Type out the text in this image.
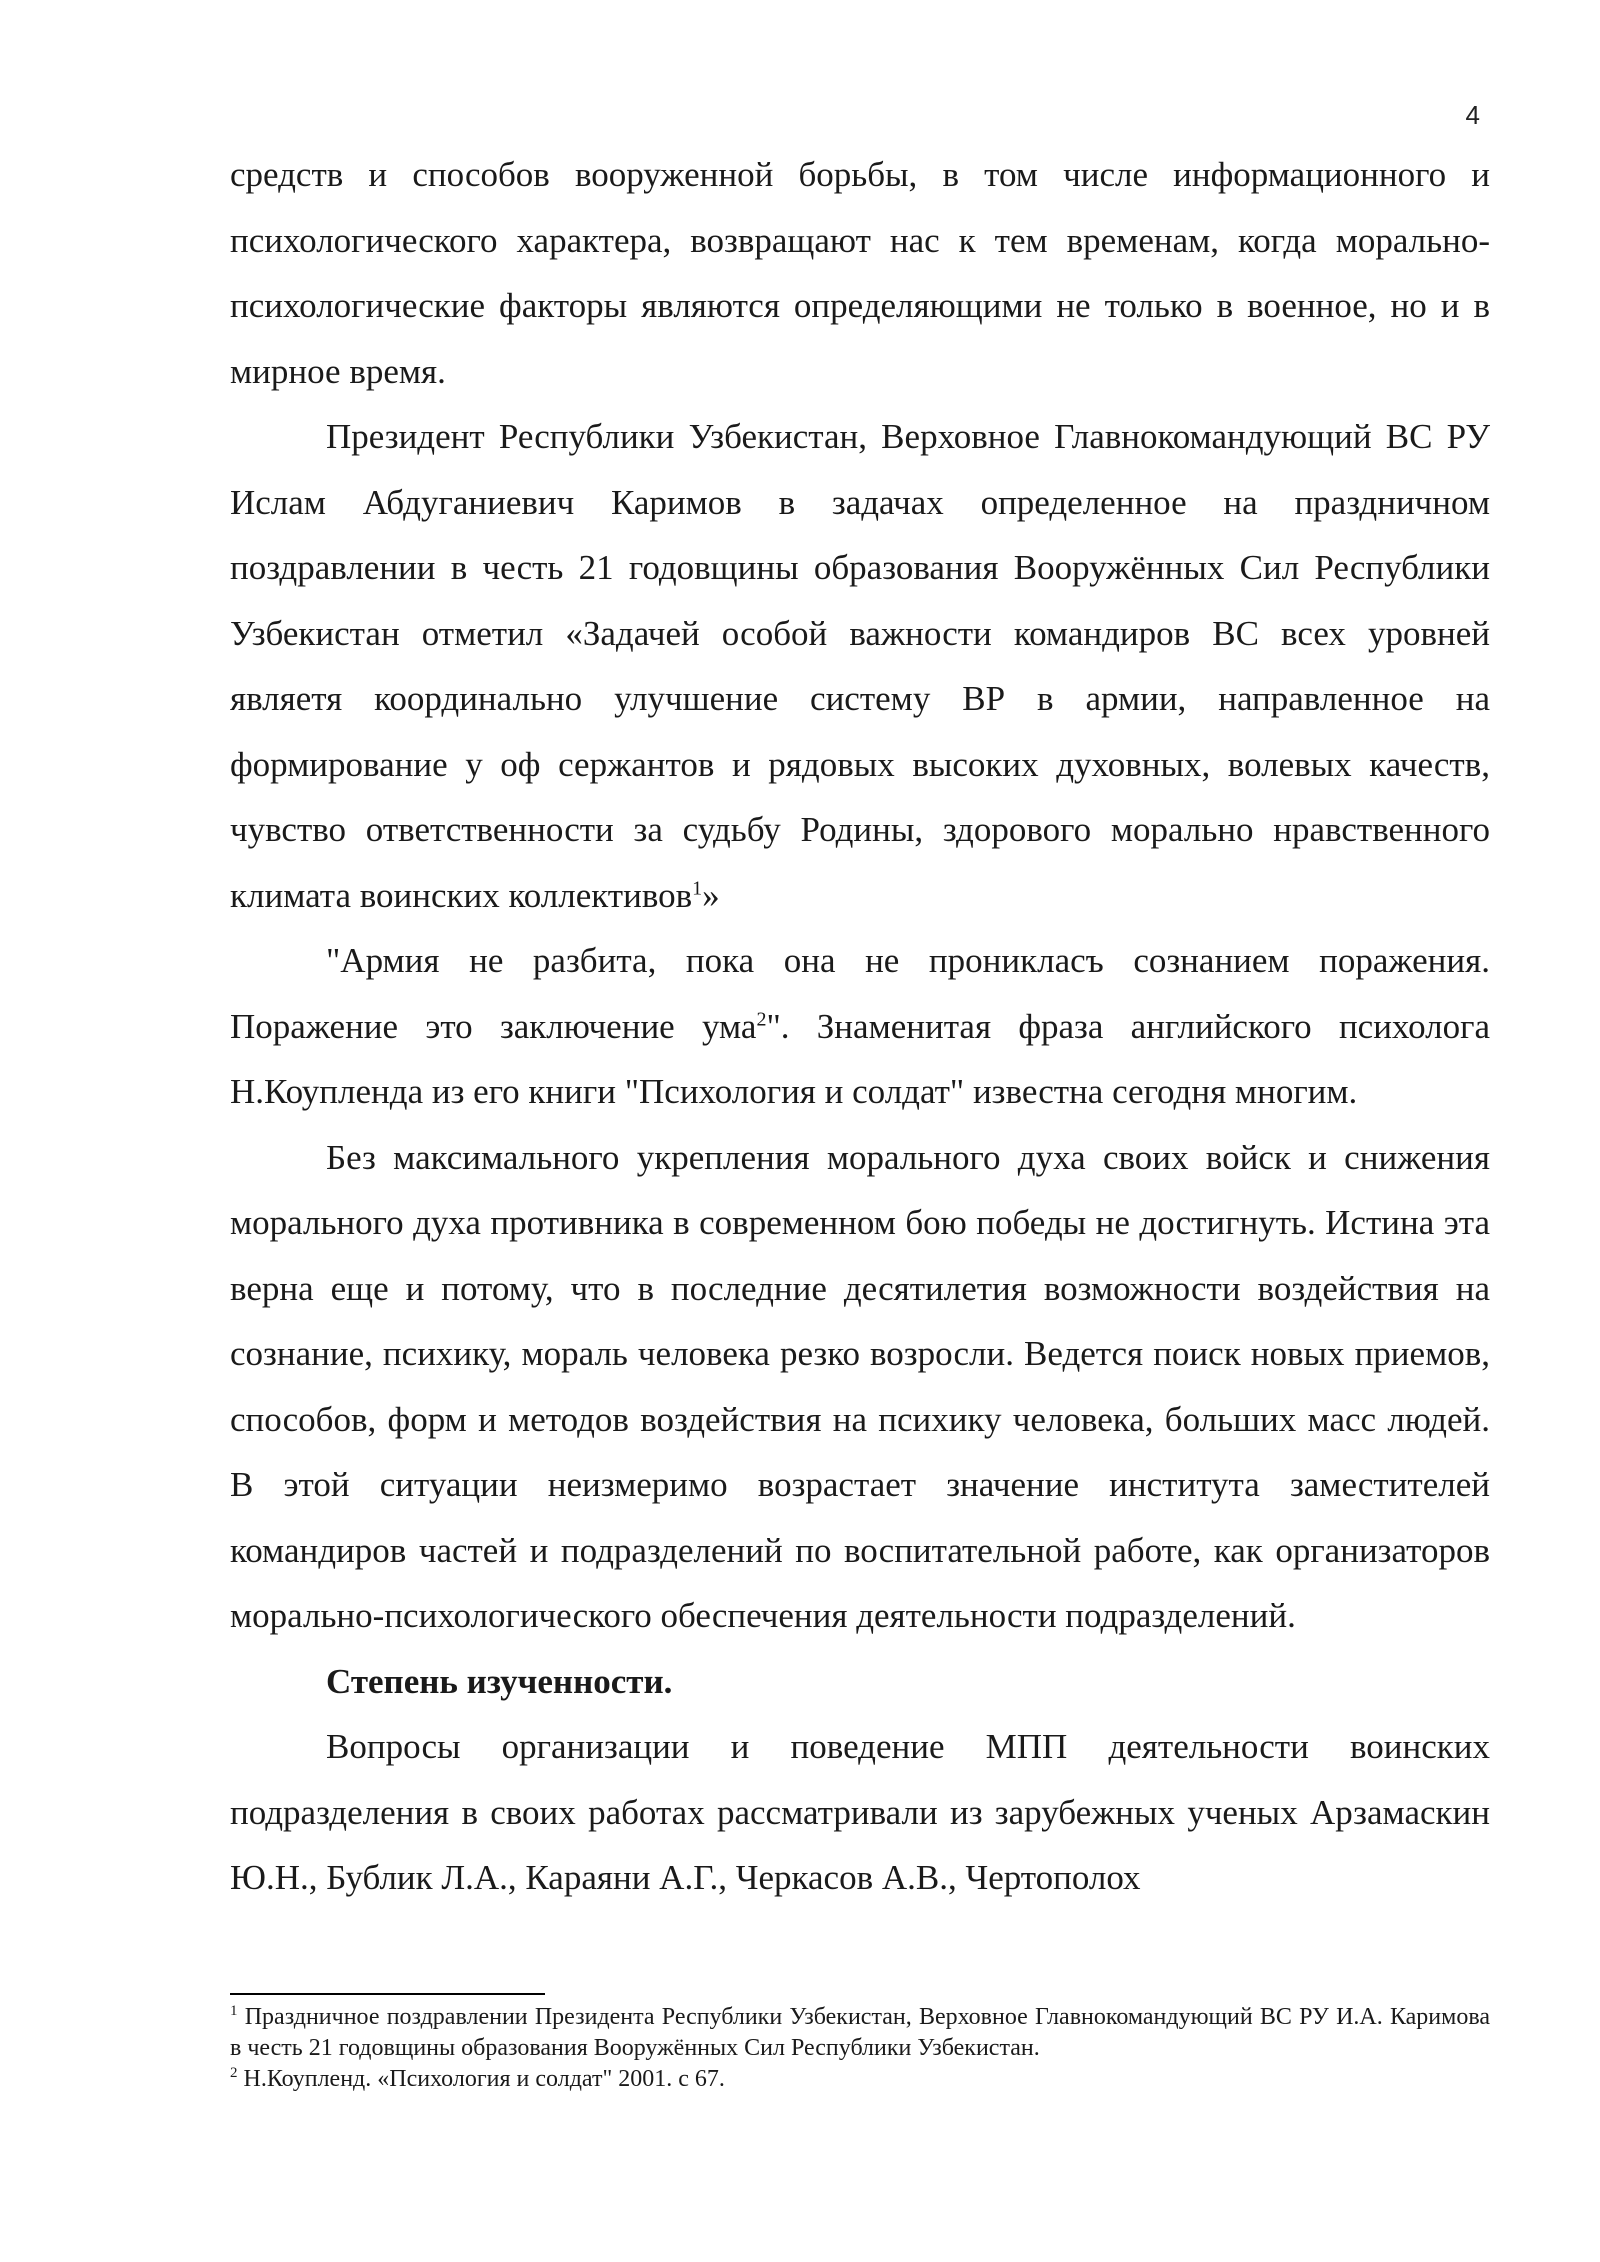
4

средств и способов вооруженной борьбы, в том числе информационного и психологического характера, возвращают нас к тем временам, когда морально-психологические факторы являются определяющими не только в военное, но и в мирное время.

Президент Республики Узбекистан, Верховное Главнокомандующий ВС РУ Ислам Абдуганиевич Каримов в задачах определенное на праздничном поздравлении в честь 21 годовщины образования Вооружённых Сил Республики Узбекистан отметил «Задачей особой важности командиров ВС всех уровней являетя координально улучшение систему ВР в армии, направленное на формирование у оф сержантов и рядовых высоких духовных, волевых качеств, чувство ответственности за судьбу Родины, здорового морально нравственного климата воинских коллективов$^1$»

"Армия не разбита, пока она не проникласъ сознанием поражения. Поражение это заключение ума$^2$". Знаменитая фраза английского психолога Н.Коупленда из его книги "Психология и солдат" известна сегодня многим.

Без максимального укрепления морального духа своих войск и снижения морального духа противника в современном бою победы не достигнуть. Истина эта верна еще и потому, что в последние десятилетия возможности воздействия на сознание, психику, мораль человека резко возросли. Ведется поиск новых приемов, способов, форм и методов воздействия на психику человека, больших масс людей. В этой ситуации неизмеримо возрастает значение института заместителей командиров частей и подразделений по воспитательной работе, как организаторов морально-психологического обеспечения деятельности подразделений.

Степень изученности.

Вопросы организации и поведение МПП деятельности воинских подразделения в своих работах рассматривали из зарубежных ученых Арзамаскин Ю.Н., Бублик Л.А., Караяни А.Г., Черкасов А.В., Чертополох

$^1$ Праздничное поздравлении Президента Республики Узбекистан, Верховное Главнокомандующий ВС РУ И.А. Каримова в честь 21 годовщины образования Вооружённых Сил Республики Узбекистан.

$^2$ Н.Коупленд. «Психология и солдат" 2001. с 67.
